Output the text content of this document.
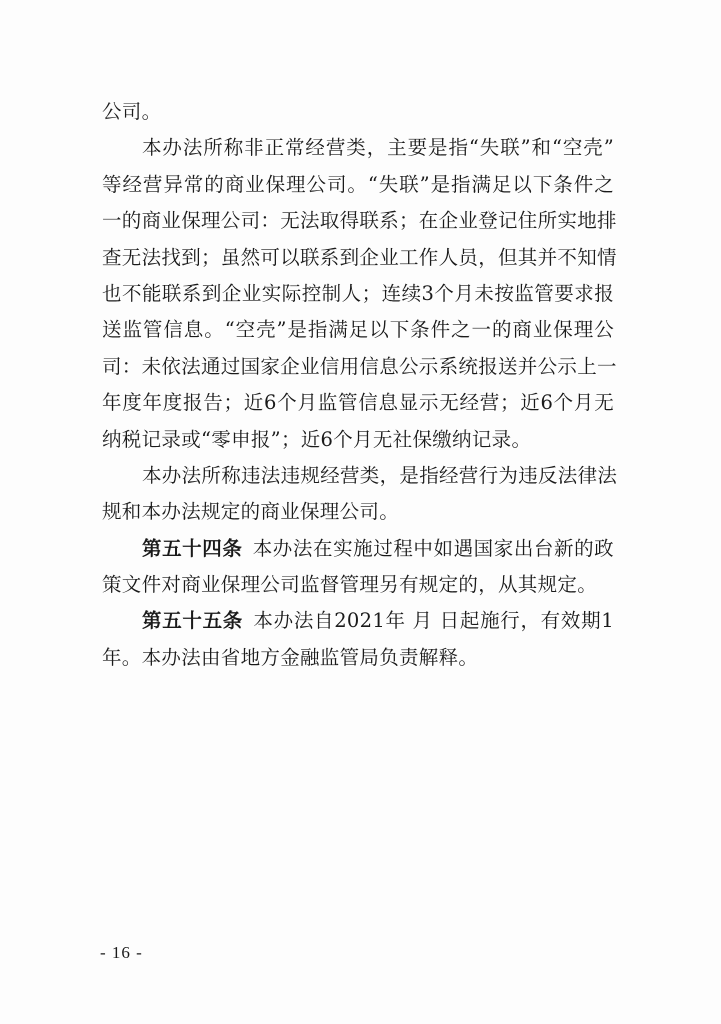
公司。
本办法所称非正常经营类，主要是指“失联”和“空壳”
等经营异常的商业保理公司。“失联”是指满足以下条件之
一的商业保理公司：无法取得联系；在企业登记住所实地排
查无法找到；虽然可以联系到企业工作人员，但其并不知情
也不能联系到企业实际控制人；连续3个月未按监管要求报
送监管信息。“空壳”是指满足以下条件之一的商业保理公
司：未依法通过国家企业信用信息公示系统报送并公示上一
年度年度报告；近6个月监管信息显示无经营；近6个月无
纳税记录或“零申报”；近6个月无社保缴纳记录。
本办法所称违法违规经营类，是指经营行为违反法律法
规和本办法规定的商业保理公司。
第五十四条 本办法在实施过程中如遇国家出台新的政
策文件对商业保理公司监督管理另有规定的，从其规定。
第五十五条 本办法自2021年 月 日起施行，有效期1
年。本办法由省地方金融监管局负责解释。
- 16 -
